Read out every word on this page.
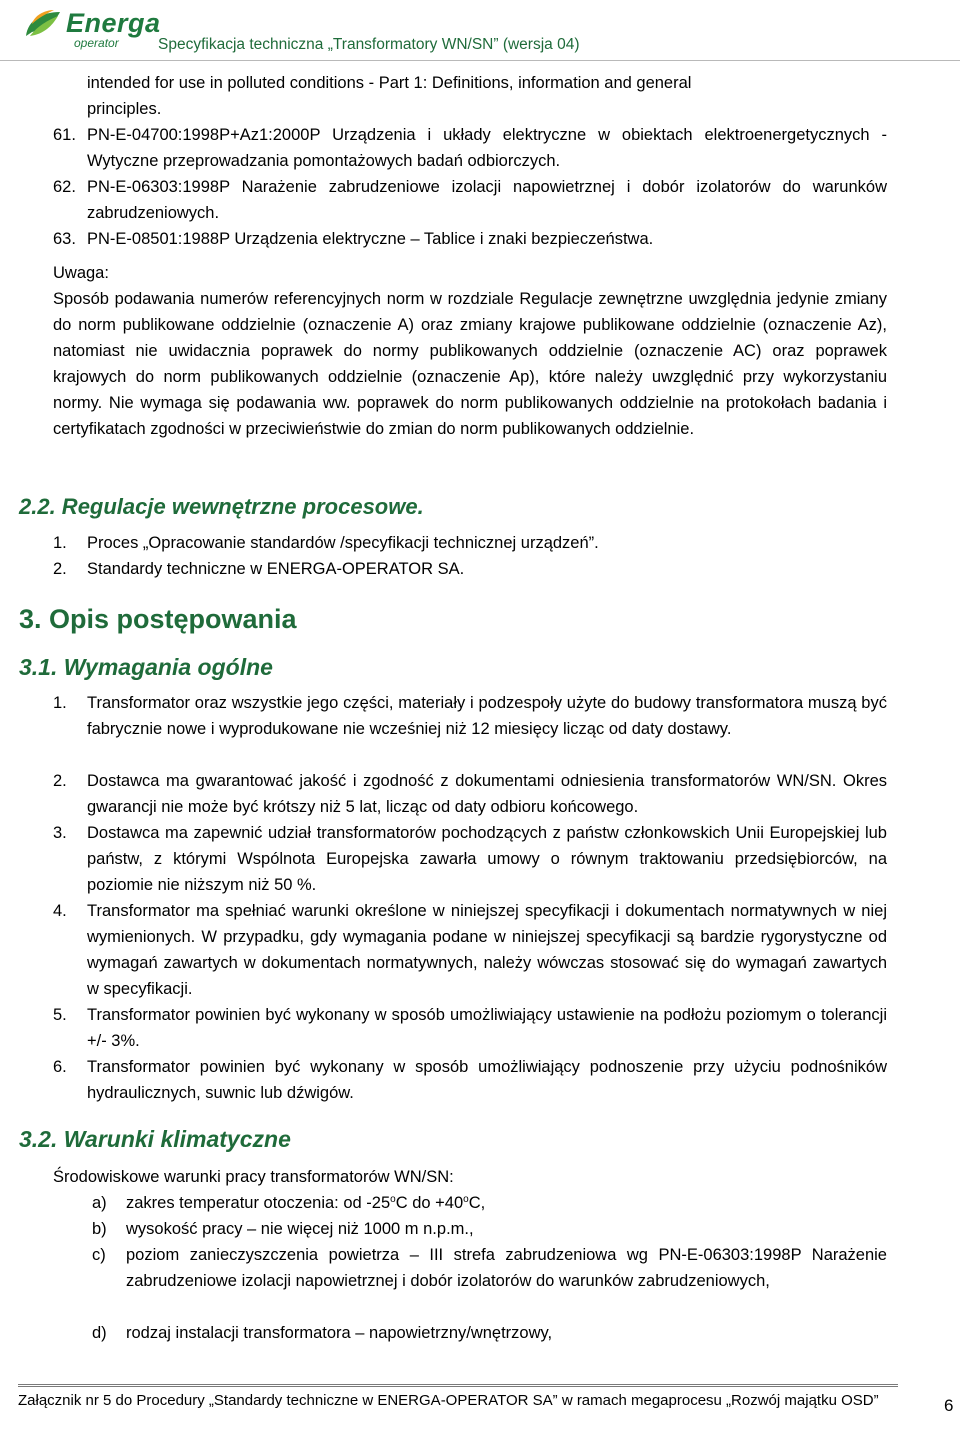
Energa
operator	Specyfikacja techniczna „Transformatory WN/SN” (wersja 04)
intended for use in polluted conditions - Part 1: Definitions, information and general
principles.
61. PN-E-04700:1998P+Az1:2000P Urządzenia i układy elektryczne w obiektach elektroenergetycznych - Wytyczne przeprowadzania pomontażowych badań odbiorczych.
62. PN-E-06303:1998P Narażenie zabrudzeniowe izolacji napowietrznej i dobór izolatorów do warunków zabrudzeniowych.
63. PN-E-08501:1988P Urządzenia elektryczne – Tablice i znaki bezpieczeństwa.
Uwaga:
Sposób podawania numerów referencyjnych norm w rozdziale Regulacje zewnętrzne uwzględnia jedynie zmiany do norm publikowane oddzielnie (oznaczenie A) oraz zmiany krajowe publikowane oddzielnie (oznaczenie Az), natomiast nie uwidacznia poprawek do normy publikowanych oddzielnie (oznaczenie AC) oraz poprawek krajowych do norm publikowanych oddzielnie (oznaczenie Ap), które należy uwzględnić przy wykorzystaniu normy. Nie wymaga się podawania ww. poprawek do norm publikowanych oddzielnie na protokołach badania i certyfikatach zgodności w przeciwieństwie do zmian do norm publikowanych oddzielnie.
2.2. Regulacje wewnętrzne procesowe.
1. Proces „Opracowanie standardów /specyfikacji technicznej urządzeń”.
2. Standardy techniczne w ENERGA-OPERATOR SA.
3. Opis postępowania
3.1. Wymagania ogólne
1. Transformator oraz wszystkie jego części, materiały i podzespoły użyte do budowy transformatora muszą być fabrycznie nowe i wyprodukowane nie wcześniej niż 12 miesięcy licząc od daty dostawy.
2. Dostawca ma gwarantować jakość i zgodność z dokumentami odniesienia transformatorów WN/SN. Okres gwarancji nie może być krótszy niż 5 lat, licząc od daty odbioru końcowego.
3. Dostawca ma zapewnić udział transformatorów pochodzących z państw członkowskich Unii Europejskiej lub państw, z którymi Wspólnota Europejska zawarła umowy o równym traktowaniu przedsiębiorców, na poziomie nie niższym niż 50 %.
4. Transformator ma spełniać warunki określone w niniejszej specyfikacji i dokumentach normatywnych w niej wymienionych. W przypadku, gdy wymagania podane w niniejszej specyfikacji są bardzie rygorystyczne od wymagań zawartych w dokumentach normatywnych, należy wówczas stosować się do wymagań zawartych w specyfikacji.
5. Transformator powinien być wykonany w sposób umożliwiający ustawienie na podłożu poziomym o tolerancji +/- 3%.
6. Transformator powinien być wykonany w sposób umożliwiający podnoszenie przy użyciu podnośników hydraulicznych, suwnic lub dźwigów.
3.2. Warunki klimatyczne
Środowiskowe warunki pracy transformatorów WN/SN:
a) zakres temperatur otoczenia: od -25$^o$C do $+40^oC$,
b) wysokość pracy – nie więcej niż 1000 m n.p.m.,
c) poziom zanieczyszczenia powietrza – III strefa zabrudzeniowa wg PN-E-06303:1998P Narażenie zabrudzeniowe izolacji napowietrznej i dobór izolatorów do warunków zabrudzeniowych,
d) rodzaj instalacji transformatora – napowietrzny/wnętrzowy,
Załącznik nr 5 do Procedury „Standardy techniczne w ENERGA-OPERATOR SA” w ramach megaprocesu „Rozwój majątku OSD”	6
